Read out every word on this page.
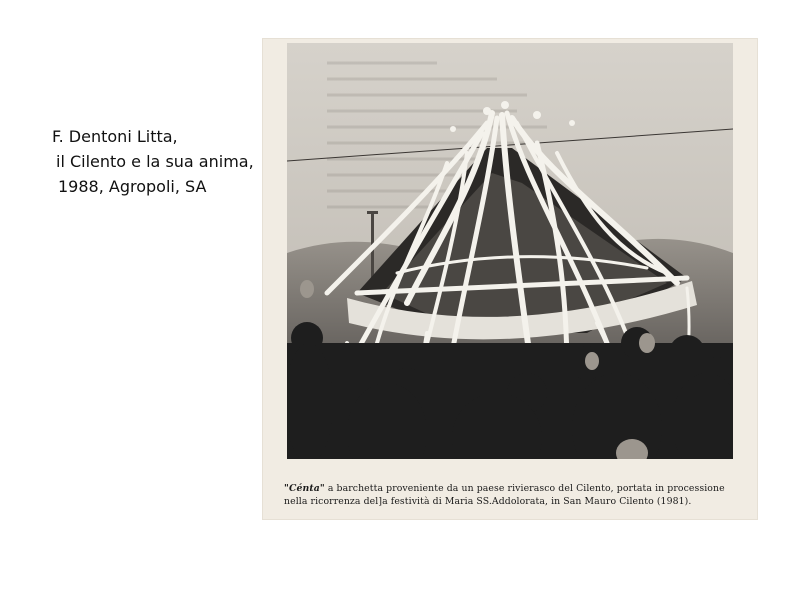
F. Dentoni Litta,
il Cilento e la sua anima,
1988, Agropoli, SA
"Cénta" a barchetta proveniente da un paese rivierasco del Cilento, portata in processione
nella ricorrenza del]a festività di Maria SS.Addolorata, in San Mauro Cilento (1981).
